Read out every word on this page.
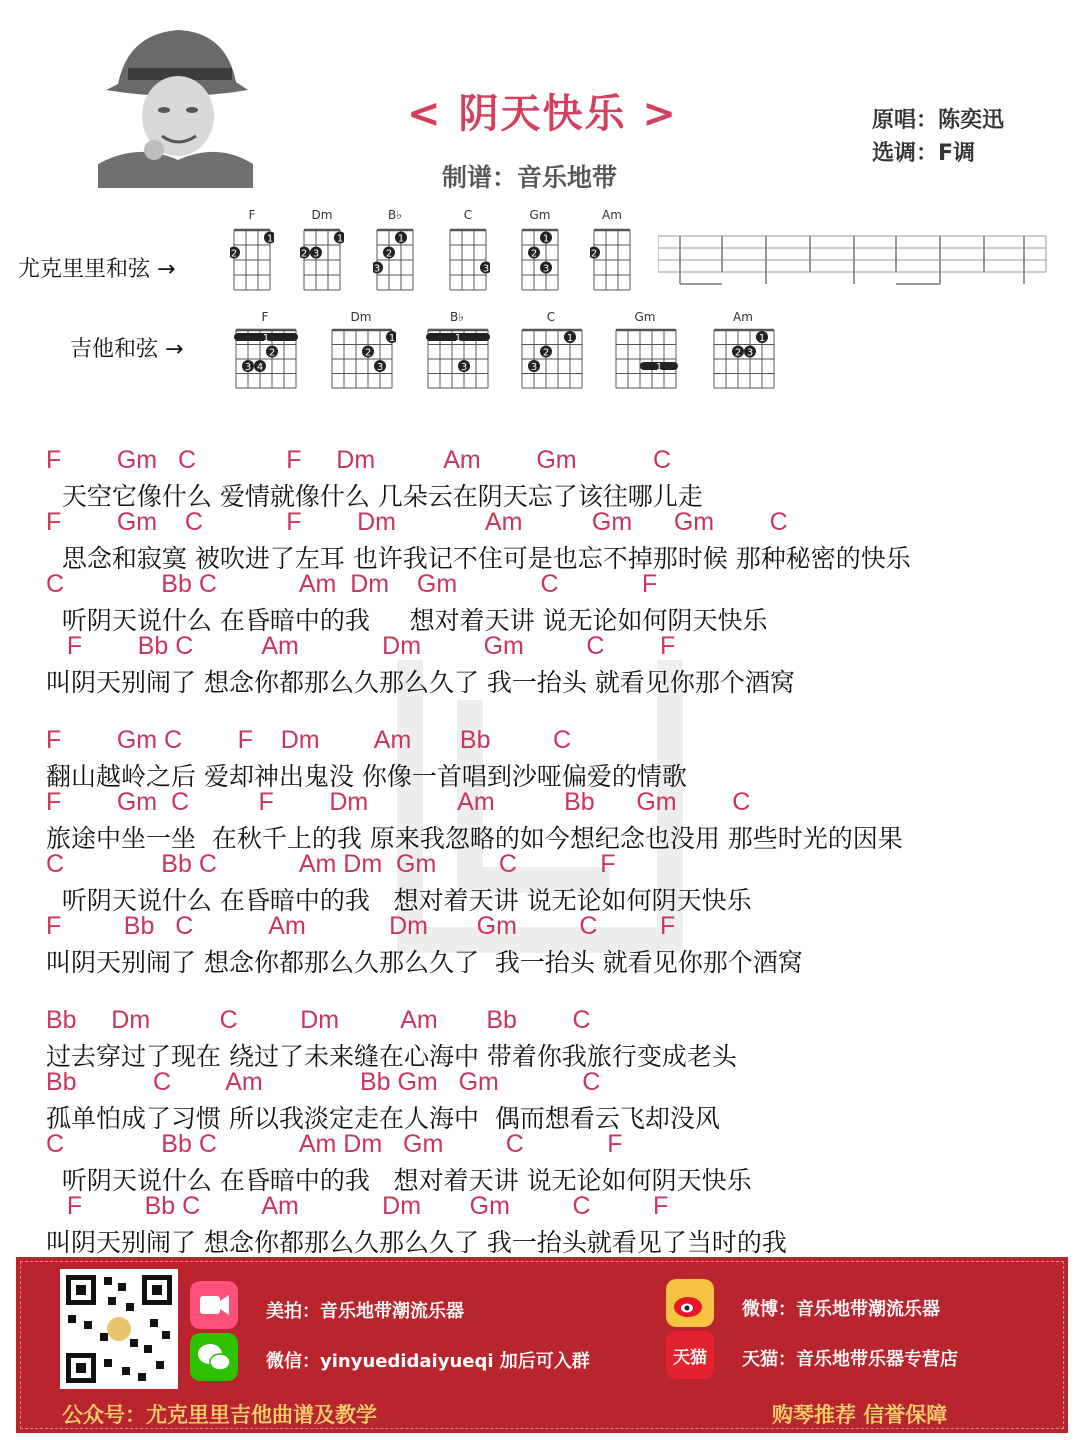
< 阴天快乐 >
制谱：音乐地带
原唱：陈奕迅
选调：F调
尤克里里和弦 →
F
1
2
Dm
1
2 3
B♭
1
2
3
C
3
Gm
1
2
3
Am
2
吉他和弦 →
F
1
2
3 4
Dm
1
2
3
B♭
1
3
C
1
2
3
Gm
1
Am
1
2 3
F        Gm   C             F     Dm          Am        Gm           C
天空它像什么 爱情就像什么 几朵云在阴天忘了该往哪儿走
F        Gm    C            F        Dm             Am          Gm      Gm        C
思念和寂寞 被吹进了左耳 也许我记不住可是也忘不掉那时候 那种秘密的快乐
C              Bb C            Am  Dm    Gm            C            F
听阴天说什么 在昏暗中的我     想对着天讲 说无论如何阴天快乐
F        Bb C          Am            Dm         Gm         C        F
叫阴天别闹了 想念你都那么久那么久了 我一抬头 就看见你那个酒窝
F        Gm C        F    Dm        Am       Bb         C
翻山越岭之后 爱却神出鬼没 你像一首唱到沙哑偏爱的情歌
F        Gm  C          F        Dm             Am          Bb      Gm        C
旅途中坐一坐  在秋千上的我 原来我忽略的如今想纪念也没用 那些时光的因果
C              Bb C            Am Dm  Gm         C            F
听阴天说什么 在昏暗中的我   想对着天讲 说无论如何阴天快乐
F         Bb   C           Am            Dm       Gm         C         F
叫阴天别闹了 想念你都那么久那么久了  我一抬头 就看见你那个酒窝
Bb     Dm          C         Dm         Am       Bb        C
过去穿过了现在 绕过了未来缝在心海中 带着你我旅行变成老头
Bb           C        Am              Bb Gm   Gm            C
孤单怕成了习惯 所以我淡定走在人海中  偶而想看云飞却没风
C              Bb C            Am Dm   Gm         C            F
听阴天说什么 在昏暗中的我   想对着天讲 说无论如何阴天快乐
F         Bb C         Am            Dm       Gm         C         F
叫阴天别闹了 想念你都那么久那么久了 我一抬头就看见了当时的我
美拍：音乐地带潮流乐器
微信：yinyuedidaiyueqi 加后可入群
微博：音乐地带潮流乐器
天猫 天猫：音乐地带乐器专营店
公众号：尤克里里吉他曲谱及教学	购琴推荐 信誉保障
